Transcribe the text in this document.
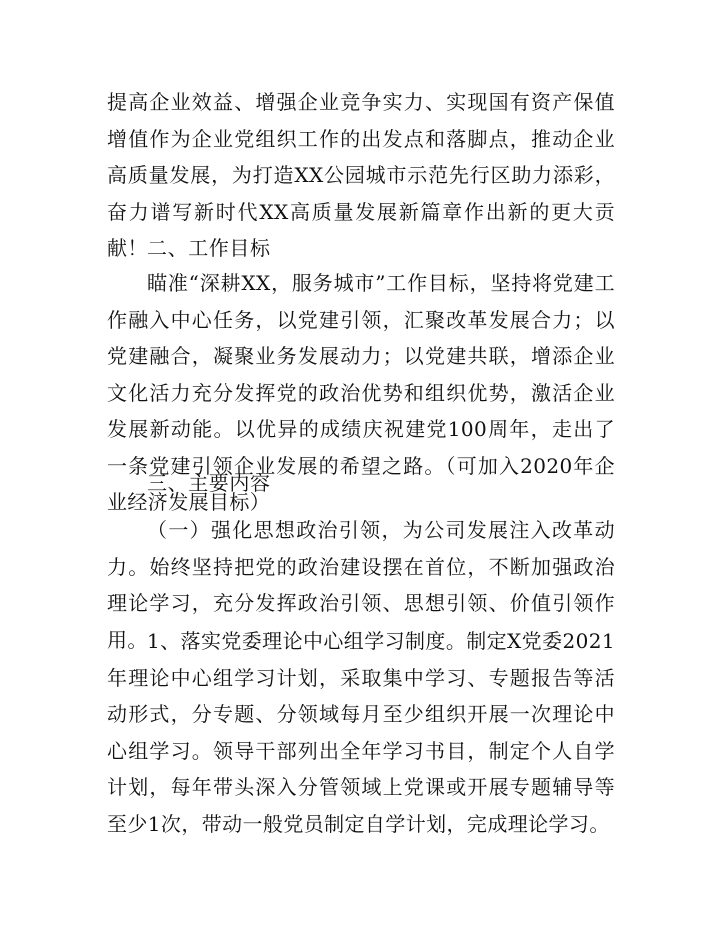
提高企业效益、增强企业竞争实力、实现国有资产保值增值作为企业党组织工作的出发点和落脚点，推动企业高质量发展，为打造XX公园城市示范先行区助力添彩，奋力谱写新时代XX高质量发展新篇章作出新的更大贡献！ 二、工作目标

瞄准“深耕XX，服务城市”工作目标，坚持将党建工作融入中心任务，以党建引领，汇聚改革发展合力；以党建融合，凝聚业务发展动力；以党建共联，增添企业文化活力充分发挥党的政治优势和组织优势，激活企业发展新动能。以优异的成绩庆祝建党100周年，走出了一条党建引领企业发展的希望之路。（可加入2020年企业经济发展目标）

三、主要内容

（一）强化思想政治引领，为公司发展注入改革动力。始终坚持把党的政治建设摆在首位，不断加强政治理论学习，充分发挥政治引领、思想引领、价值引领作用。 1、落实党委理论中心组学习制度。制定X党委2021年理论中心组学习计划，采取集中学习、专题报告等活动形式，分专题、分领域每月至少组织开展一次理论中心组学习。领导干部列出全年学习书目，制定个人自学计划，每年带头深入分管领域上党课或开展专题辅导等至少1次，带动一般党员制定自学计划，完成理论学习。
